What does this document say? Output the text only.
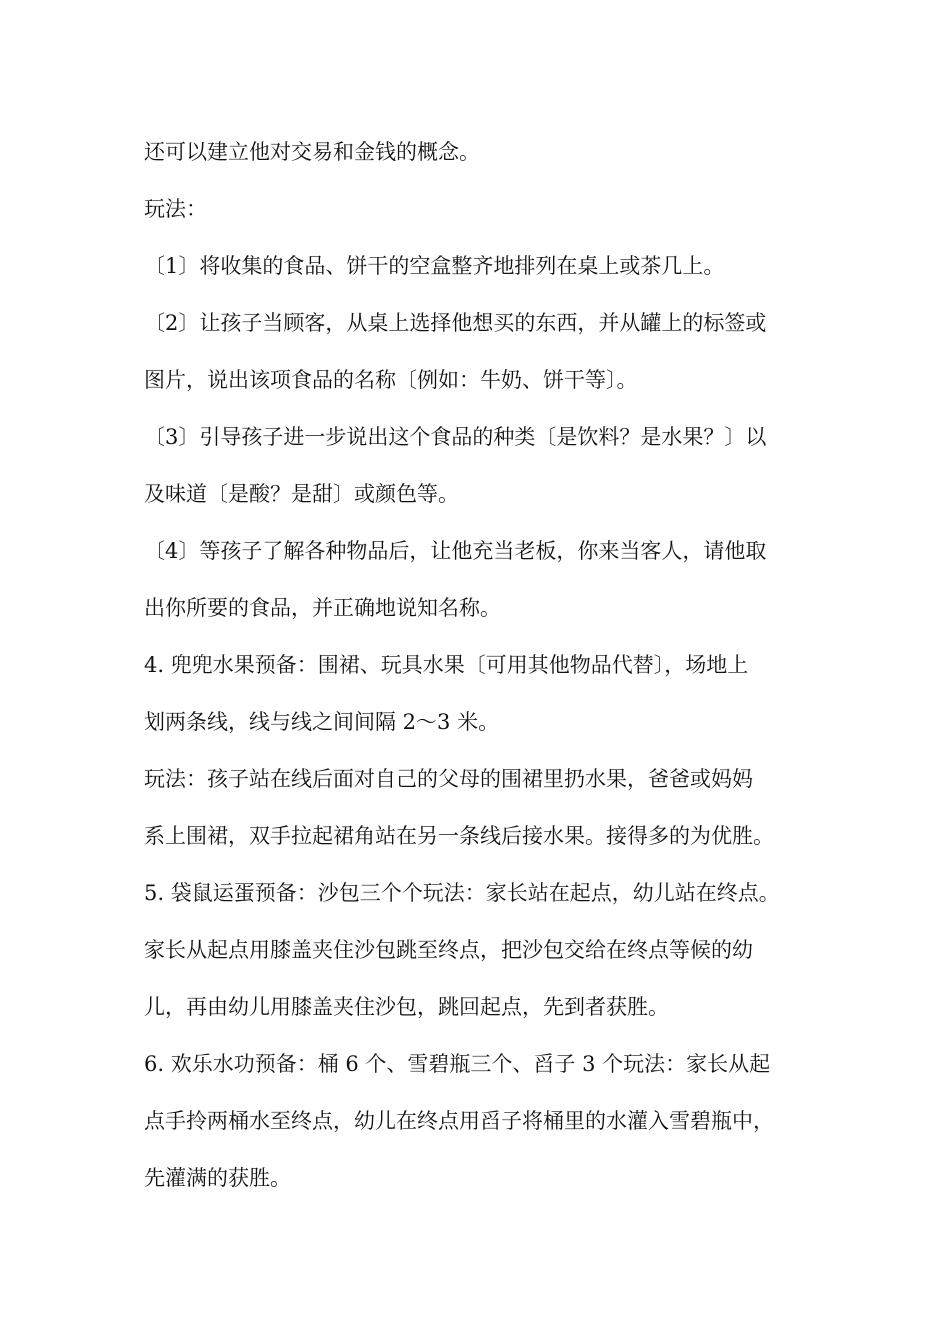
还可以建立他对交易和金钱的概念。
玩法：
〔1〕将收集的食品、饼干的空盒整齐地排列在桌上或茶几上。
〔2〕让孩子当顾客，从桌上选择他想买的东西，并从罐上的标签或
图片，说出该项食品的名称〔例如：牛奶、饼干等〕。
〔3〕引导孩子进一步说出这个食品的种类〔是饮料？是水果？〕以
及味道〔是酸？是甜〕或颜色等。
〔4〕等孩子了解各种物品后，让他充当老板，你来当客人，请他取
出你所要的食品，并正确地说知名称。
4. 兜兜水果预备：围裙、玩具水果〔可用其他物品代替〕，场地上
划两条线，线与线之间间隔 2～3 米。
玩法：孩子站在线后面对自己的父母的围裙里扔水果，爸爸或妈妈
系上围裙，双手拉起裙角站在另一条线后接水果。接得多的为优胜。
5. 袋鼠运蛋预备：沙包三个个玩法：家长站在起点，幼儿站在终点。
家长从起点用膝盖夹住沙包跳至终点，把沙包交给在终点等候的幼
儿，再由幼儿用膝盖夹住沙包，跳回起点，先到者获胜。
6. 欢乐水功预备：桶 6 个、雪碧瓶三个、舀子 3 个玩法：家长从起
点手拎两桶水至终点，幼儿在终点用舀子将桶里的水灌入雪碧瓶中，
先灌满的获胜。
